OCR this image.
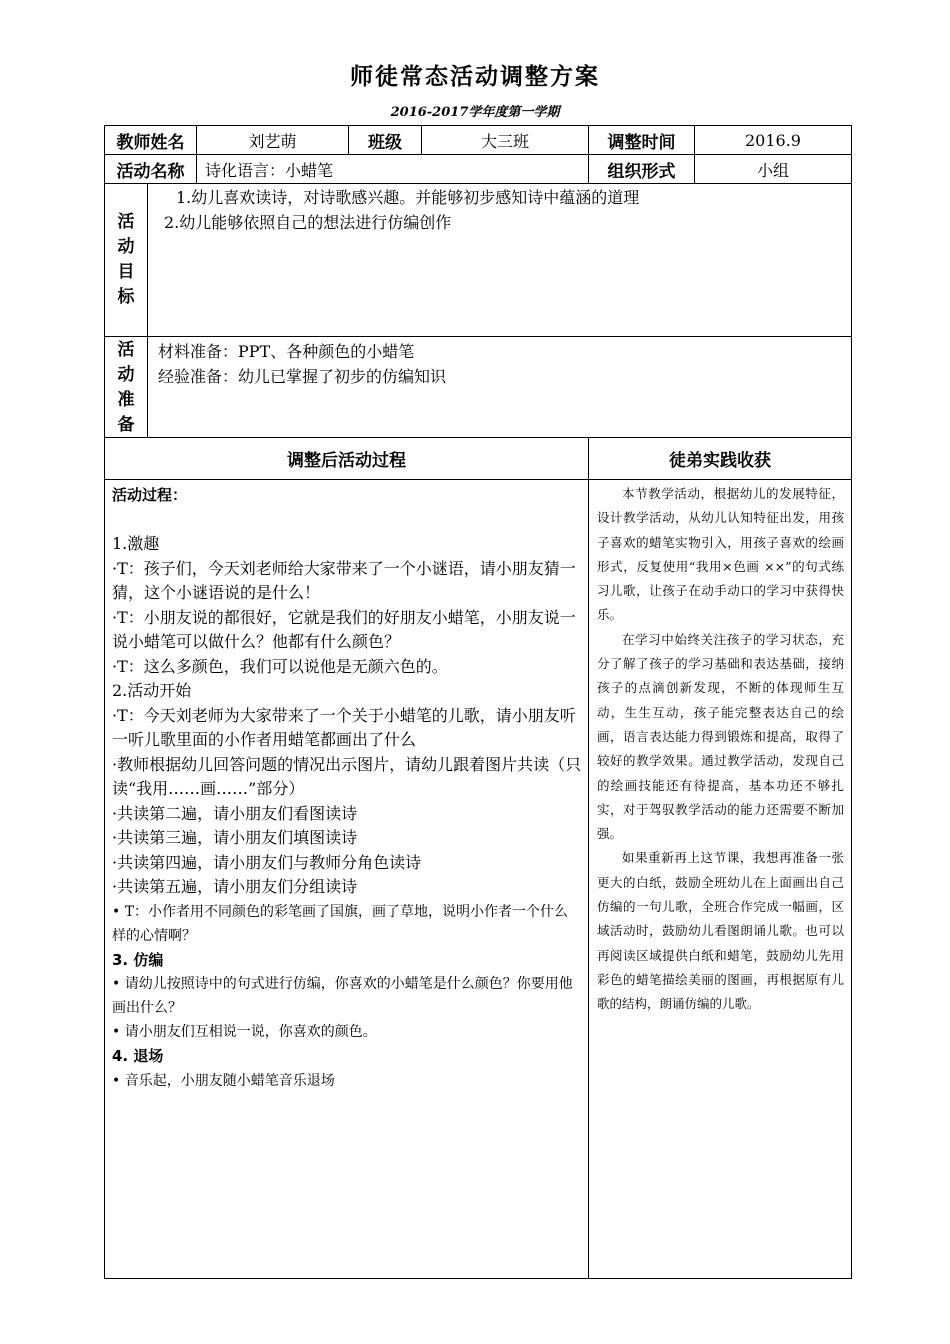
师徒常态活动调整方案
2016-2017学年度第一学期
教师姓名	刘艺萌	班级	大三班	调整时间	2016.9
活动名称	诗化语言：小蜡笔	组织形式	小组
活
动
目
标
1.幼儿喜欢读诗，对诗歌感兴趣。并能够初步感知诗中蕴涵的道理
2.幼儿能够依照自己的想法进行仿编创作
活
动
准
备
材料准备：PPT、各种颜色的小蜡笔
经验准备：幼儿已掌握了初步的仿编知识
调整后活动过程	徒弟实践收获

活动过程：

1.激趣

·T：孩子们，今天刘老师给大家带来了一个小谜语，请小朋友猜一猜，这个小谜语说的是什么！

·T：小朋友说的都很好，它就是我们的好朋友小蜡笔，小朋友说一说小蜡笔可以做什么？他都有什么颜色？

·T：这么多颜色，我们可以说他是无颜六色的。

2.活动开始

·T：今天刘老师为大家带来了一个关于小蜡笔的儿歌，请小朋友听一听儿歌里面的小作者用蜡笔都画出了什么

·教师根据幼儿回答问题的情况出示图片，请幼儿跟着图片共读（只读“我用……画……”部分）

·共读第二遍，请小朋友们看图读诗

·共读第三遍，请小朋友们填图读诗

·共读第四遍，请小朋友们与教师分角色读诗

·共读第五遍，请小朋友们分组读诗

• T：小作者用不同颜色的彩笔画了国旗，画了草地，说明小作者一个什么样的心情啊？

3. 仿编

• 请幼儿按照诗中的句式进行仿编，你喜欢的小蜡笔是什么颜色？你要用他画出什么？

• 请小朋友们互相说一说，你喜欢的颜色。

4. 退场

• 音乐起，小朋友随小蜡笔音乐退场

本节教学活动，根据幼儿的发展特征，设计教学活动，从幼儿认知特征出发，用孩子喜欢的蜡笔实物引入，用孩子喜欢的绘画形式，反复使用“我用×色画 ××”的句式练习儿歌，让孩子在动手动口的学习中获得快乐。

在学习中始终关注孩子的学习状态，充分了解了孩子的学习基础和表达基础，接纳孩子的点滴创新发现，不断的体现师生互动，生生互动，孩子能完整表达自己的绘画，语言表达能力得到锻炼和提高，取得了较好的教学效果。通过教学活动，发现自己的绘画技能还有待提高，基本功还不够扎实，对于驾驭教学活动的能力还需要不断加强。

如果重新再上这节课，我想再准备一张更大的白纸，鼓励全班幼儿在上面画出自己仿编的一句儿歌，全班合作完成一幅画，区域活动时，鼓励幼儿看图朗诵儿歌。也可以再阅读区域提供白纸和蜡笔，鼓励幼儿先用彩色的蜡笔描绘美丽的图画，再根据原有儿歌的结构，朗诵仿编的儿歌。
